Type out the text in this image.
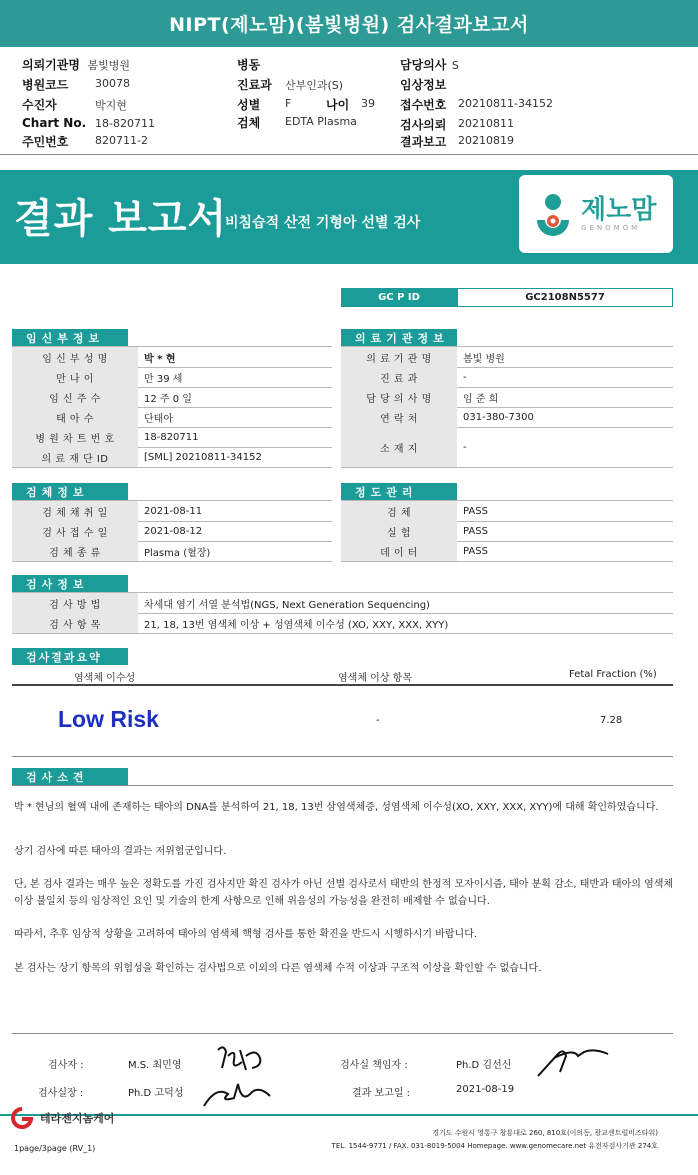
NIPT(제노맘)(봄빛병원) 검사결과보고서
의뢰기관명 봄빛병원
병원코드 30078
수진자	박지현
Chart No. 18-820711
주민번호 820711-2
병동
진료과 산부인과(S)
성별 F	나이 39
검체 EDTA Plasma
담당의사 S
임상정보
접수번호 20210811-34152
검사의뢰 20210811
결과보고 20210819
결과 보고서
비침습적 산전 기형아 선별 검사	제노맘
GENOMOM
GC P ID	GC2108N5577
임신부정보
임 신 부 성 명	박 * 현
만 나 이	만 39 세
임 신 주 수	12 주 0 일
태 아 수	단태아
병 원 차 트 번 호	18-820711
의 료 재 단 ID	[SML] 20210811-34152
의료기관정보
의 료 기 관 명	봄빛 병원
진 료 과	-
담 당 의 사 명	임 준 희
연 락 처	031-380-7300
소 재 지	-
검체정보
검 체 채 취 일	2021-08-11
검 사 접 수 일	2021-08-12
검 체 종 류	Plasma (혈장)
정도관리
검 체	PASS
실 험	PASS
데 이 터	PASS
검사정보
검 사 방 법	차세대 염기 서열 분석법(NGS, Next Generation Sequencing)
검 사 항 목	21, 18, 13번 염색체 이상 + 성염색체 이수성 (XO, XXY, XXX, XYY)
검사결과요약
염색체 이수성	염색체 이상 항목	Fetal Fraction (%)
Low Risk	-	7.28
검사소견
박 * 현님의 혈액 내에 존재하는 태아의 DNA를 분석하여 21, 18, 13번 삼염색체증, 성염색체 이수성(XO, XXY, XXX, XYY)에 대해 확인하였습니다.
상기 검사에 따른 태아의 결과는 저위험군입니다.
단, 본 검사 결과는 매우 높은 정확도를 가진 검사지만 확진 검사가 아닌 선별 검사로서 태반의 한정적 모자이시즘, 태아 분획 감소, 태반과 태아의 염색체 이상 불일치 등의 임상적인 요인 및 기술의 한계 사항으로 인해 위음성의 가능성을 완전히 배제할 수 없습니다.
따라서, 추후 임상적 상황을 고려하여 태아의 염색체 핵형 검사를 통한 확진을 반드시 시행하시기 바랍니다.
본 검사는 상기 항목의 위험성을 확인하는 검사법으로 이외의 다른 염색체 수적 이상과 구조적 이상을 확인할 수 없습니다.
검사자 :	M.S. 최민영
검사실장 :	Ph.D 고덕성
검사실 책임자 :	Ph.D 김선신
결과 보고일 :	2021-08-19
테라젠지놈케어
경기도 수원시 영통구 창룡대로 260, 810호(이의동, 광교센트럴비즈타워)
TEL. 1544-9771 / FAX. 031-8019-5004 Homepage. www.genomecare.net 유전자검사기관 274호
1page/3page (RV_1)
